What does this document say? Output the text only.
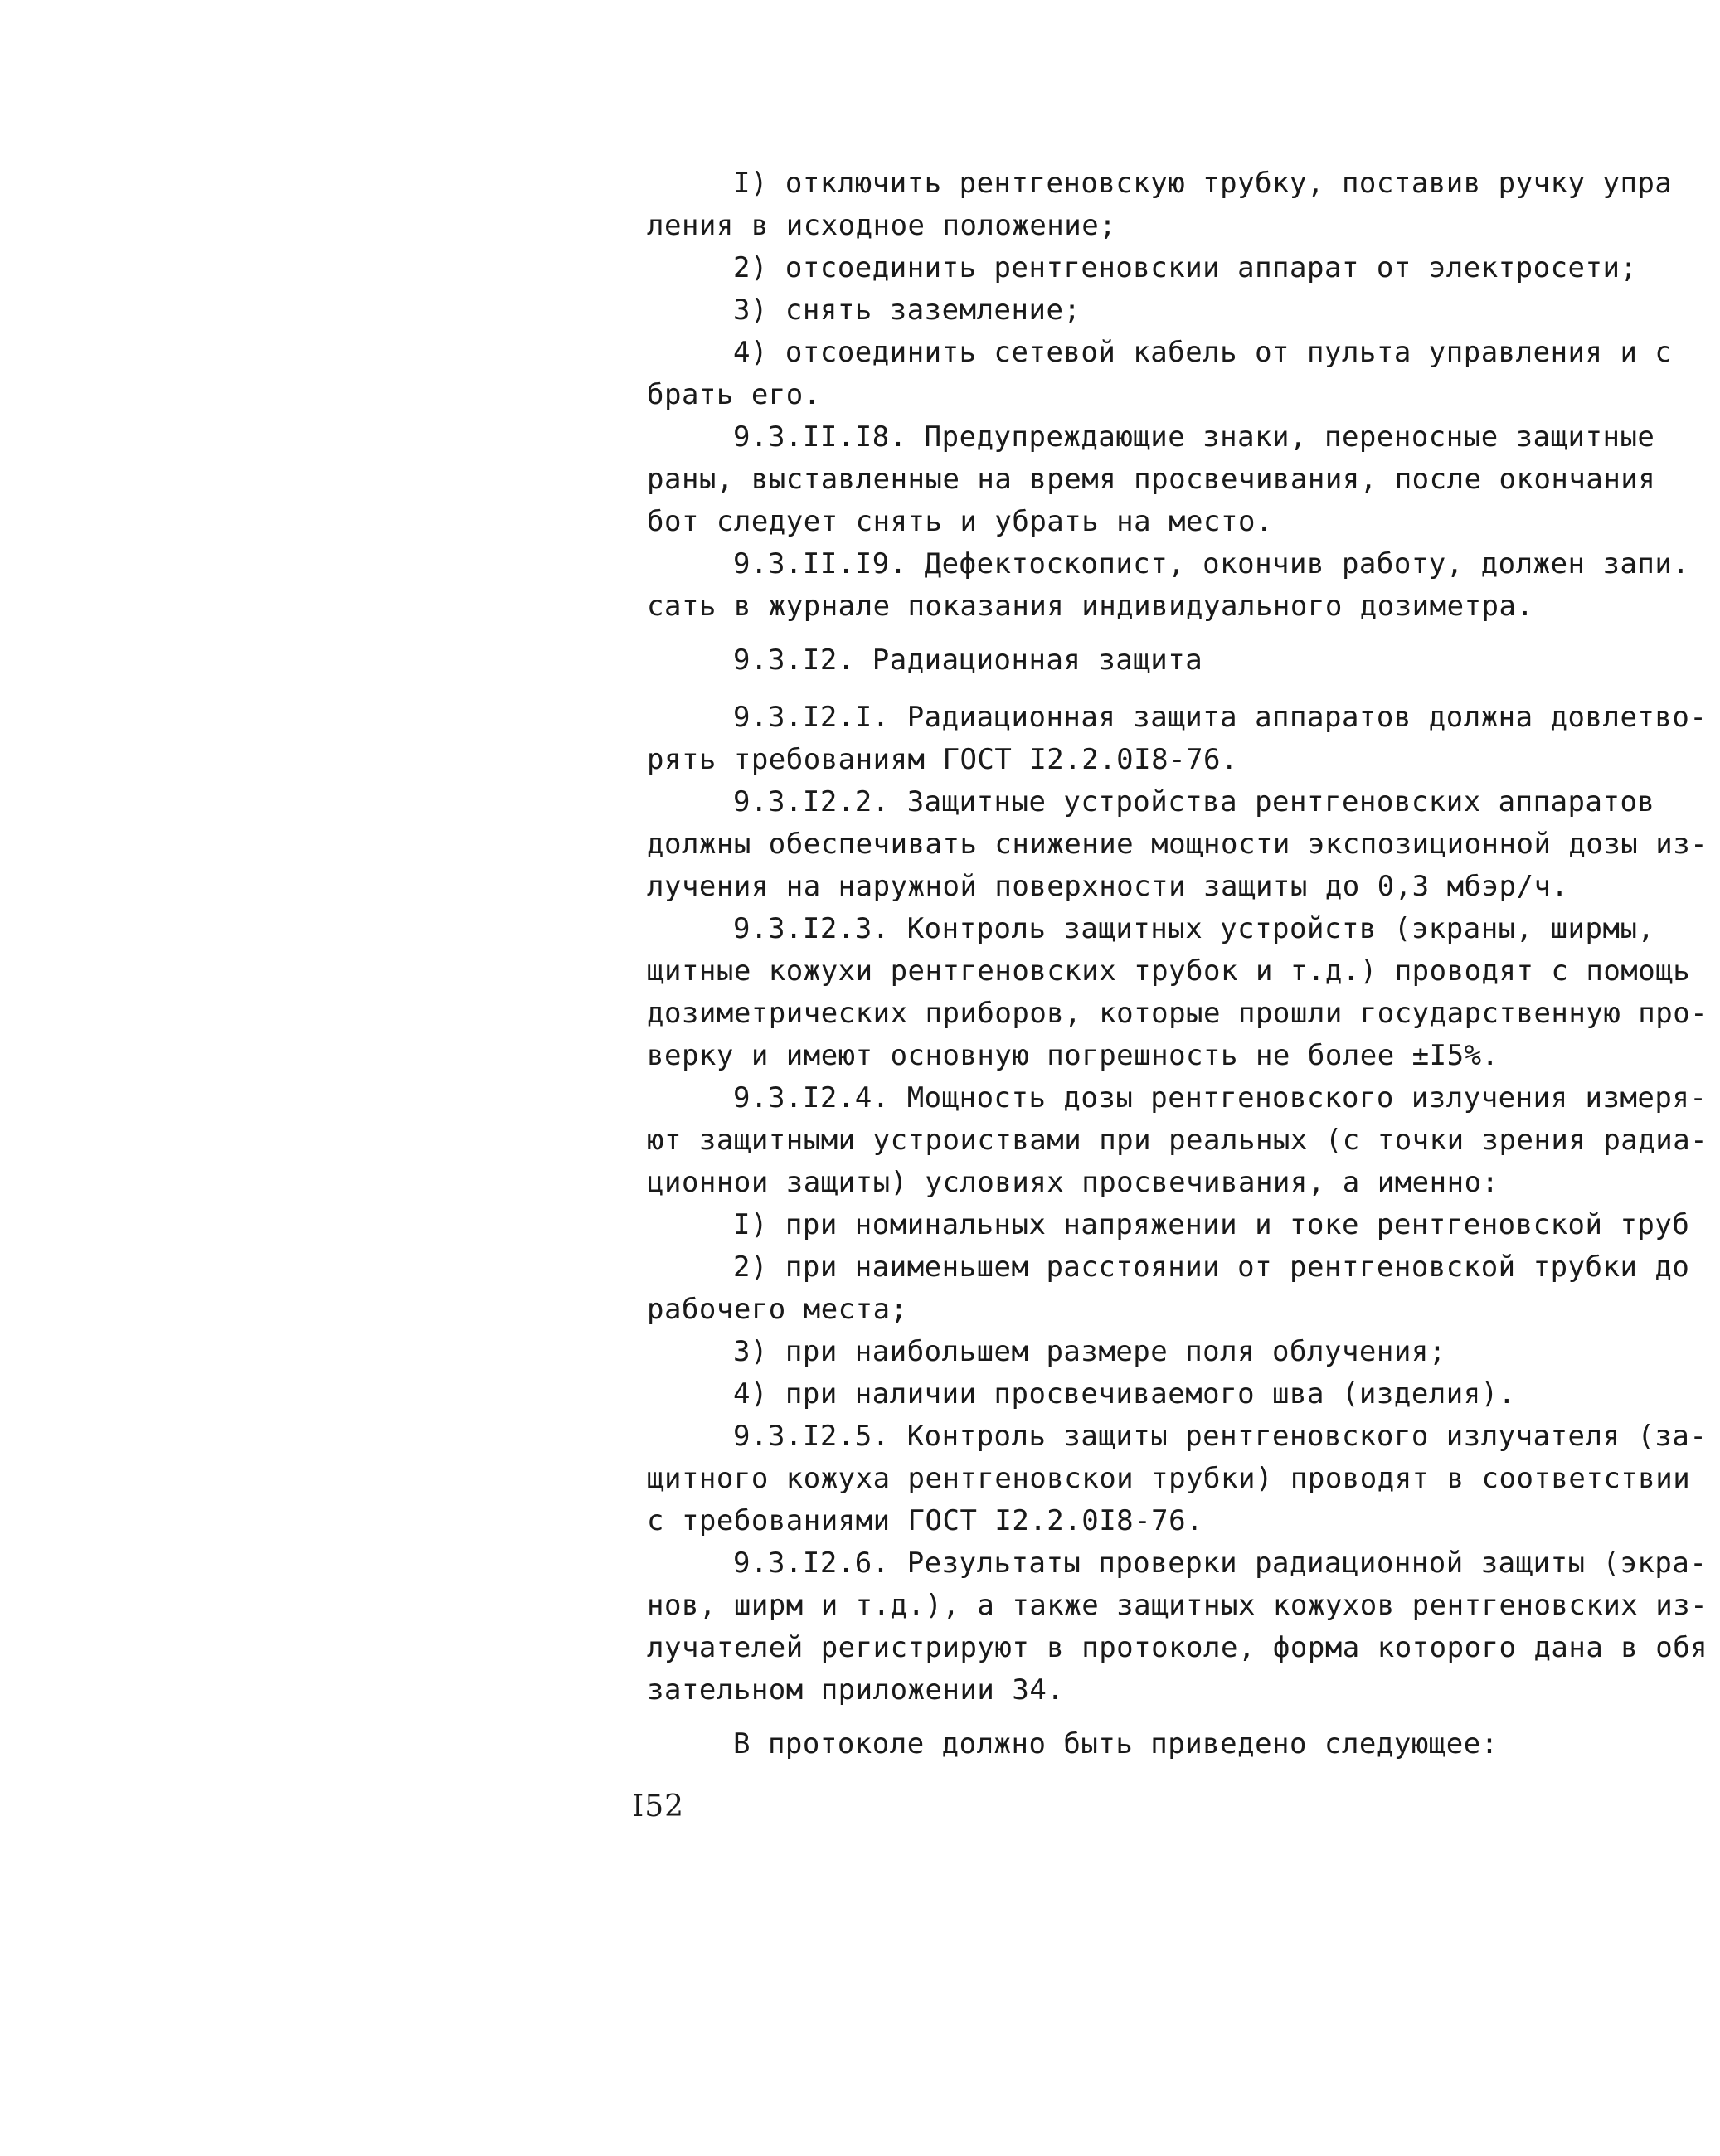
I) отключить рентгеновскую трубку, поставив ручку упра
ления в исходное положение;
2) отсоединить рентгеновскии аппарат от электросети;
3) снять заземление;
4) отсоединить сетевой кабель от пульта управления и с
брать его.
9.3.II.I8. Предупреждающие знаки, переносные защитные
раны, выставленные на время просвечивания, после окончания
бот следует снять и убрать на место.
9.3.II.I9. Дефектоскопист, окончив работу, должен запи.
сать в журнале показания индивидуального дозиметра.
9.3.I2. Радиационная защита
9.3.I2.I. Радиационная защита аппаратов должна довлетво-
рять требованиям ГОСТ I2.2.0I8-76.
9.3.I2.2. Защитные устройства рентгеновских аппаратов
должны обеспечивать снижение мощности экспозиционной дозы из-
лучения на наружной поверхности защиты до 0,3 мбэр/ч.
9.3.I2.3. Контроль защитных устройств (экраны, ширмы,
щитные кожухи рентгеновских трубок и т.д.) проводят с помощь
дозиметрических приборов, которые прошли государственную про-
верку и имеют основную погрешность не более ±I5%.
9.3.I2.4. Мощность дозы рентгеновского излучения измеря-
ют защитными устроиствами при реальных (с точки зрения радиа-
ционнои защиты) условиях просвечивания, а именно:
I) при номинальных напряжении и токе рентгеновской труб
2) при наименьшем расстоянии от рентгеновской трубки до
рабочего места;
3) при наибольшем размере поля облучения;
4) при наличии просвечиваемого шва (изделия).
9.3.I2.5. Контроль защиты рентгеновского излучателя (за-
щитного кожуха рентгеновскои трубки) проводят в соответствии
с требованиями ГОСТ I2.2.0I8-76.
9.3.I2.6. Результаты проверки радиационной защиты (экра-
нов, ширм и т.д.), а также защитных кожухов рентгеновских из-
лучателей регистрируют в протоколе, форма которого дана в обя
зательном приложении 34.
В протоколе должно быть приведено следующее:
I52
